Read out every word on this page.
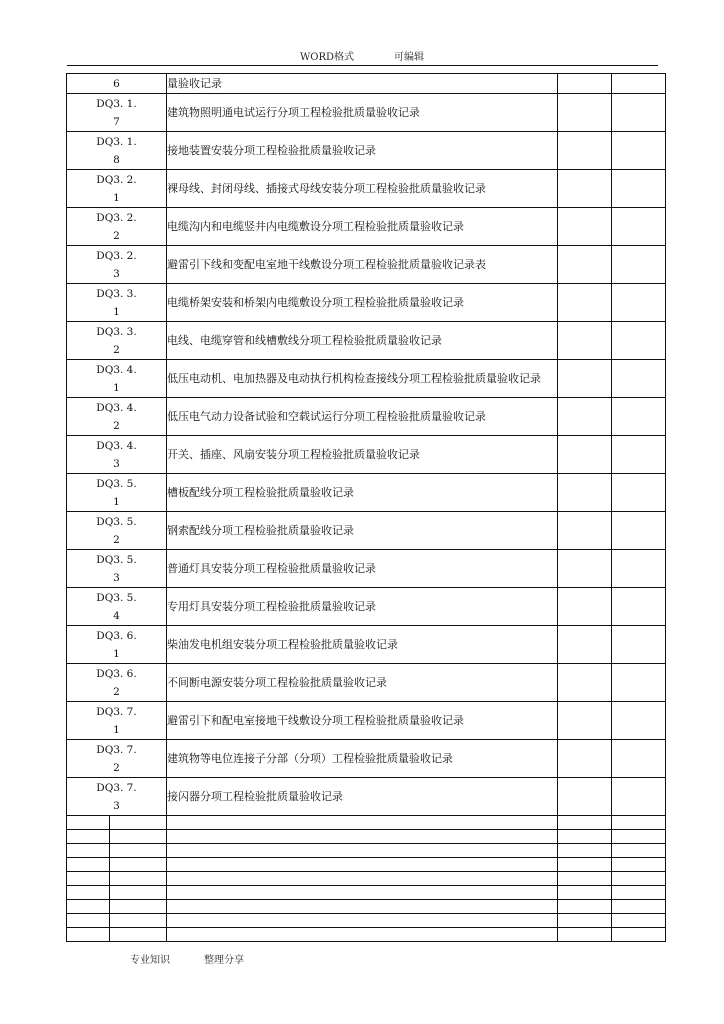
WORD格式	可编辑
6		量验收记录		

DQ3. 1.
7		建筑物照明通电试运行分项工程检验批质量验收记录		

DQ3. 1.
8		接地装置安装分项工程检验批质量验收记录		

DQ3. 2.
1		裸母线、封闭母线、插接式母线安装分项工程检验批质量验收记录		

DQ3. 2.
2		电缆沟内和电缆竖井内电缆敷设分项工程检验批质量验收记录		

DQ3. 2.
3		避雷引下线和变配电室地干线敷设分项工程检验批质量验收记录表		

DQ3. 3.
1		电缆桥架安装和桥架内电缆敷设分项工程检验批质量验收记录		

DQ3. 3.
2		电线、电缆穿管和线槽敷线分项工程检验批质量验收记录		

DQ3. 4.
1		低压电动机、电加热器及电动执行机构检查接线分项工程检验批质量验收记录		

DQ3. 4.
2		低压电气动力设备试验和空载试运行分项工程检验批质量验收记录		

DQ3. 4.
3		开关、插座、风扇安装分项工程检验批质量验收记录		

DQ3. 5.
1		槽板配线分项工程检验批质量验收记录		

DQ3. 5.
2		钢索配线分项工程检验批质量验收记录		

DQ3. 5.
3		普通灯具安装分项工程检验批质量验收记录		

DQ3. 5.
4		专用灯具安装分项工程检验批质量验收记录		

DQ3. 6.
1		柴油发电机组安装分项工程检验批质量验收记录		

DQ3. 6.
2		不间断电源安装分项工程检验批质量验收记录		

DQ3. 7.
1		避雷引下和配电室接地干线敷设分项工程检验批质量验收记录		

DQ3. 7.
2		建筑物等电位连接子分部（分项）工程检验批质量验收记录		

DQ3. 7.
3		接闪器分项工程检验批质量验收记录		

专业知识	整理分享
